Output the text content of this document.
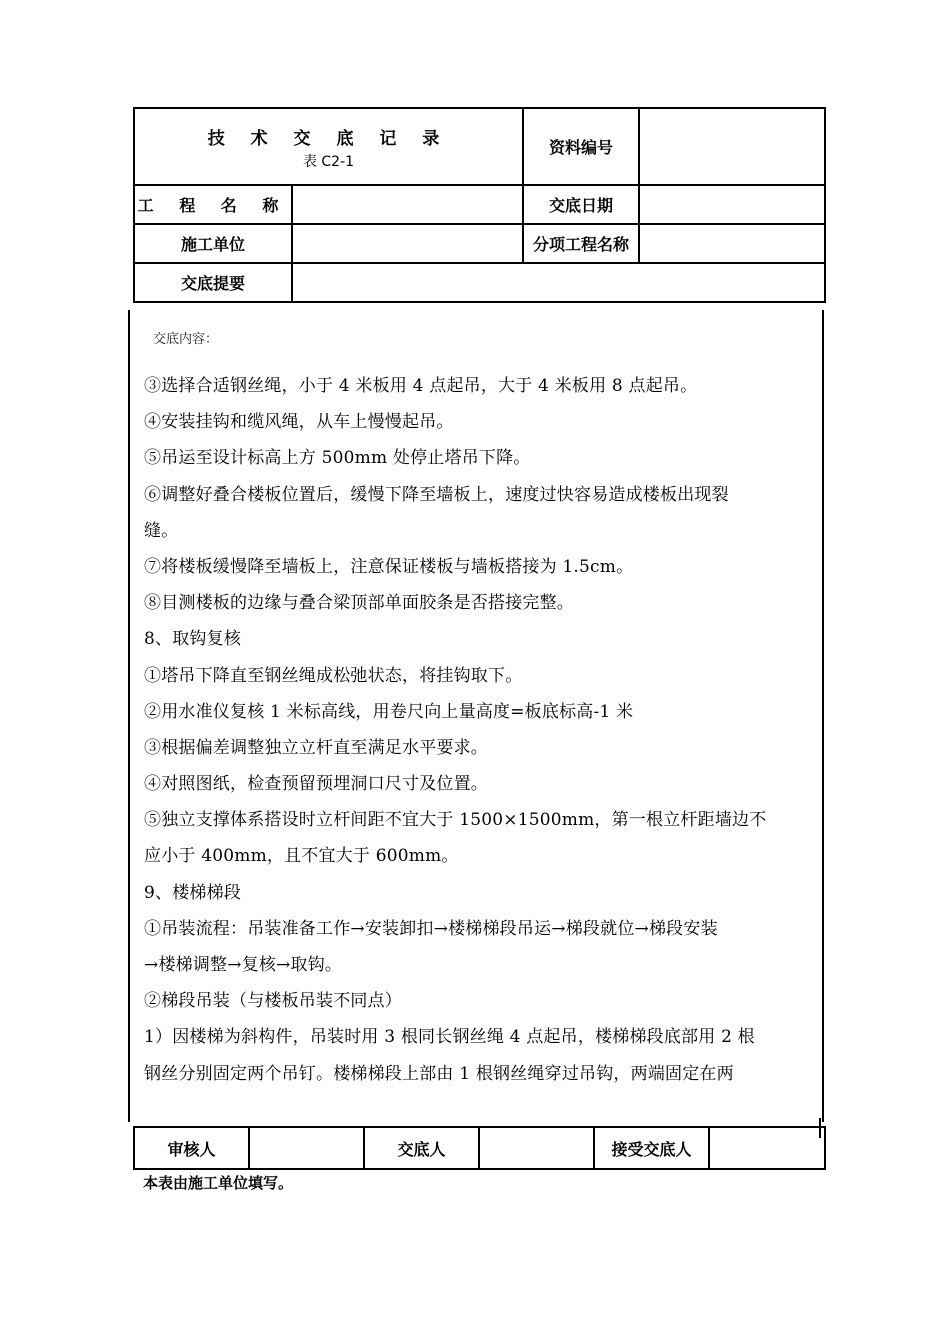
技 术 交 底 记 录
表 C2-1		资料编号	
工 程 名 称		交底日期	
施工单位		分项工程名称	
交底提要			
交底内容：
③选择合适钢丝绳，小于 4 米板用 4 点起吊，大于 4 米板用 8 点起吊。
④安装挂钩和缆风绳，从车上慢慢起吊。
⑤吊运至设计标高上方 500mm 处停止塔吊下降。
⑥调整好叠合楼板位置后，缓慢下降至墙板上，速度过快容易造成楼板出现裂
缝。
⑦将楼板缓慢降至墙板上，注意保证楼板与墙板搭接为 1.5cm。
⑧目测楼板的边缘与叠合梁顶部单面胶条是否搭接完整。
8、取钩复核
①塔吊下降直至钢丝绳成松弛状态，将挂钩取下。
②用水准仪复核 1 米标高线，用卷尺向上量高度=板底标高-1 米
③根据偏差调整独立立杆直至满足水平要求。
④对照图纸，检查预留预埋洞口尺寸及位置。
⑤独立支撑体系搭设时立杆间距不宜大于 1500×1500mm，第一根立杆距墙边不
应小于 400mm，且不宜大于 600mm。
9、楼梯梯段
①吊装流程：吊装准备工作→安装卸扣→楼梯梯段吊运→梯段就位→梯段安装
→楼梯调整→复核→取钩。
②梯段吊装（与楼板吊装不同点）
1）因楼梯为斜构件，吊装时用 3 根同长钢丝绳 4 点起吊，楼梯梯段底部用 2 根
钢丝分别固定两个吊钉。楼梯梯段上部由 1 根钢丝绳穿过吊钩，两端固定在两
审核人		交底人		接受交底人	
本表由施工单位填写。
